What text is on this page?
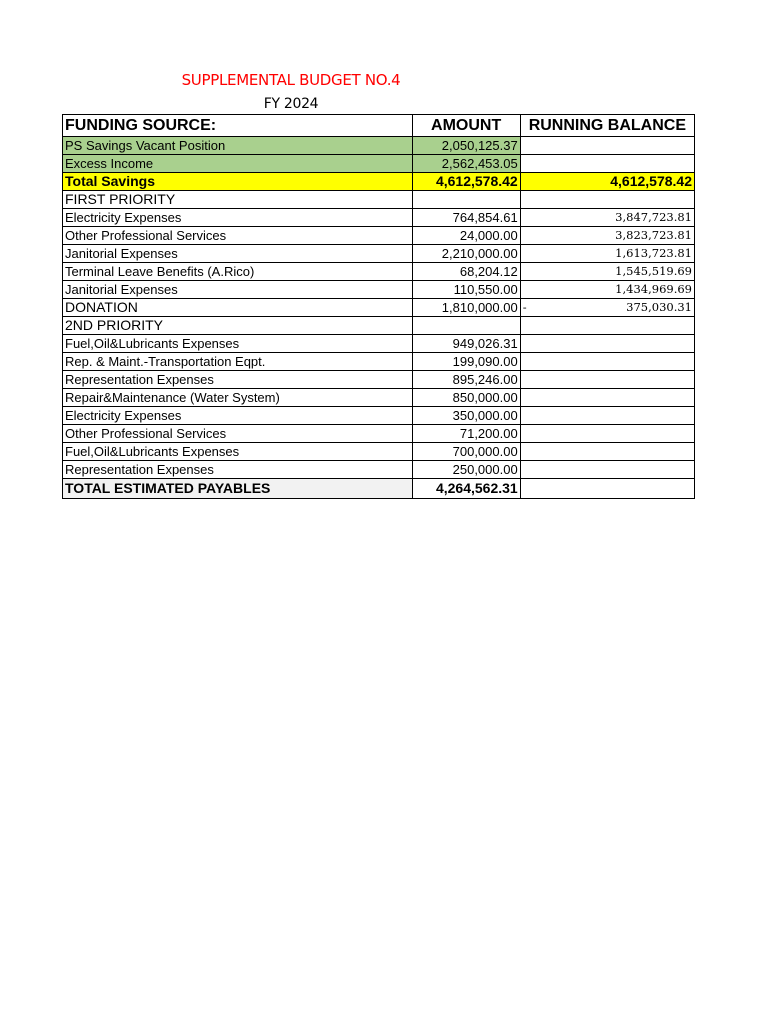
SUPPLEMENTAL BUDGET NO.4
FY 2024
FUNDING SOURCE:	AMOUNT	RUNNING BALANCE
PS Savings Vacant Position	2,050,125.37	
Excess Income	2,562,453.05	
Total Savings	4,612,578.42	4,612,578.42
FIRST PRIORITY		
Electricity Expenses	764,854.61	3,847,723.81
Other Professional Services	24,000.00	3,823,723.81
Janitorial Expenses	2,210,000.00	1,613,723.81
Terminal Leave Benefits (A.Rico)	68,204.12	1,545,519.69
Janitorial Expenses	110,550.00	1,434,969.69
DONATION	1,810,000.00	- 375,030.31
2ND PRIORITY		
Fuel,Oil&Lubricants Expenses	949,026.31	
Rep. & Maint.-Transportation Eqpt.	199,090.00	
Representation Expenses	895,246.00	
Repair&Maintenance (Water System)	850,000.00	
Electricity Expenses	350,000.00	
Other Professional Services	71,200.00	
Fuel,Oil&Lubricants Expenses	700,000.00	
Representation Expenses	250,000.00	
TOTAL ESTIMATED PAYABLES	4,264,562.31	
